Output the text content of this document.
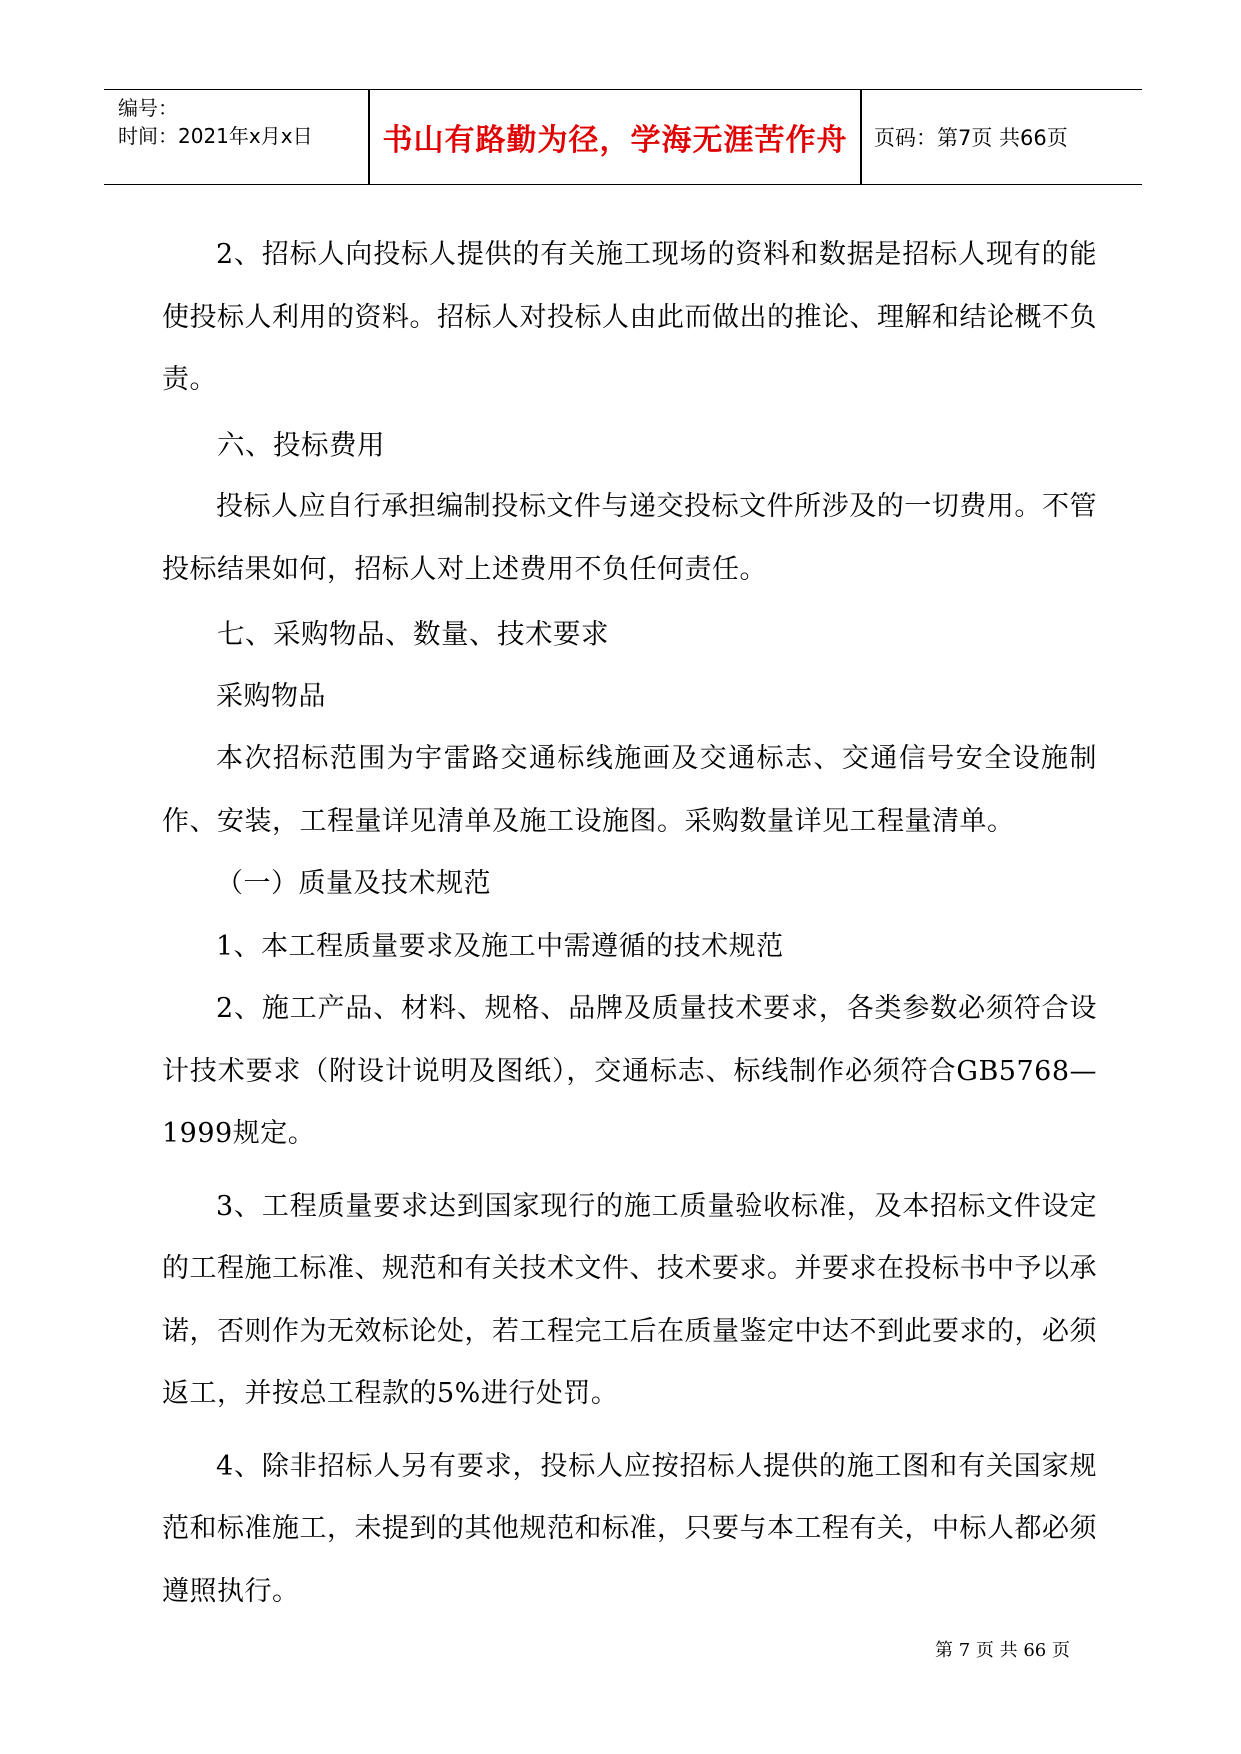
编号：
时间：2021年x月x日	书山有路勤为径，学海无涯苦作舟	页码：第7页 共66页

2、招标人向投标人提供的有关施工现场的资料和数据是招标人现有的能使投标人利用的资料。招标人对投标人由此而做出的推论、理解和结论概不负责。

六、投标费用

投标人应自行承担编制投标文件与递交投标文件所涉及的一切费用。不管投标结果如何，招标人对上述费用不负任何责任。

七、采购物品、数量、技术要求

采购物品

本次招标范围为宇雷路交通标线施画及交通标志、交通信号安全设施制作、安装，工程量详见清单及施工设施图。采购数量详见工程量清单。

（一）质量及技术规范

1、本工程质量要求及施工中需遵循的技术规范

2、施工产品、材料、规格、品牌及质量技术要求，各类参数必须符合设计技术要求（附设计说明及图纸），交通标志、标线制作必须符合GB5768—1999规定。

3、工程质量要求达到国家现行的施工质量验收标准，及本招标文件设定的工程施工标准、规范和有关技术文件、技术要求。并要求在投标书中予以承诺，否则作为无效标论处，若工程完工后在质量鉴定中达不到此要求的，必须返工，并按总工程款的5%进行处罚。

4、除非招标人另有要求，投标人应按招标人提供的施工图和有关国家规范和标准施工，未提到的其他规范和标准，只要与本工程有关，中标人都必须遵照执行。

第 7 页 共 66 页
